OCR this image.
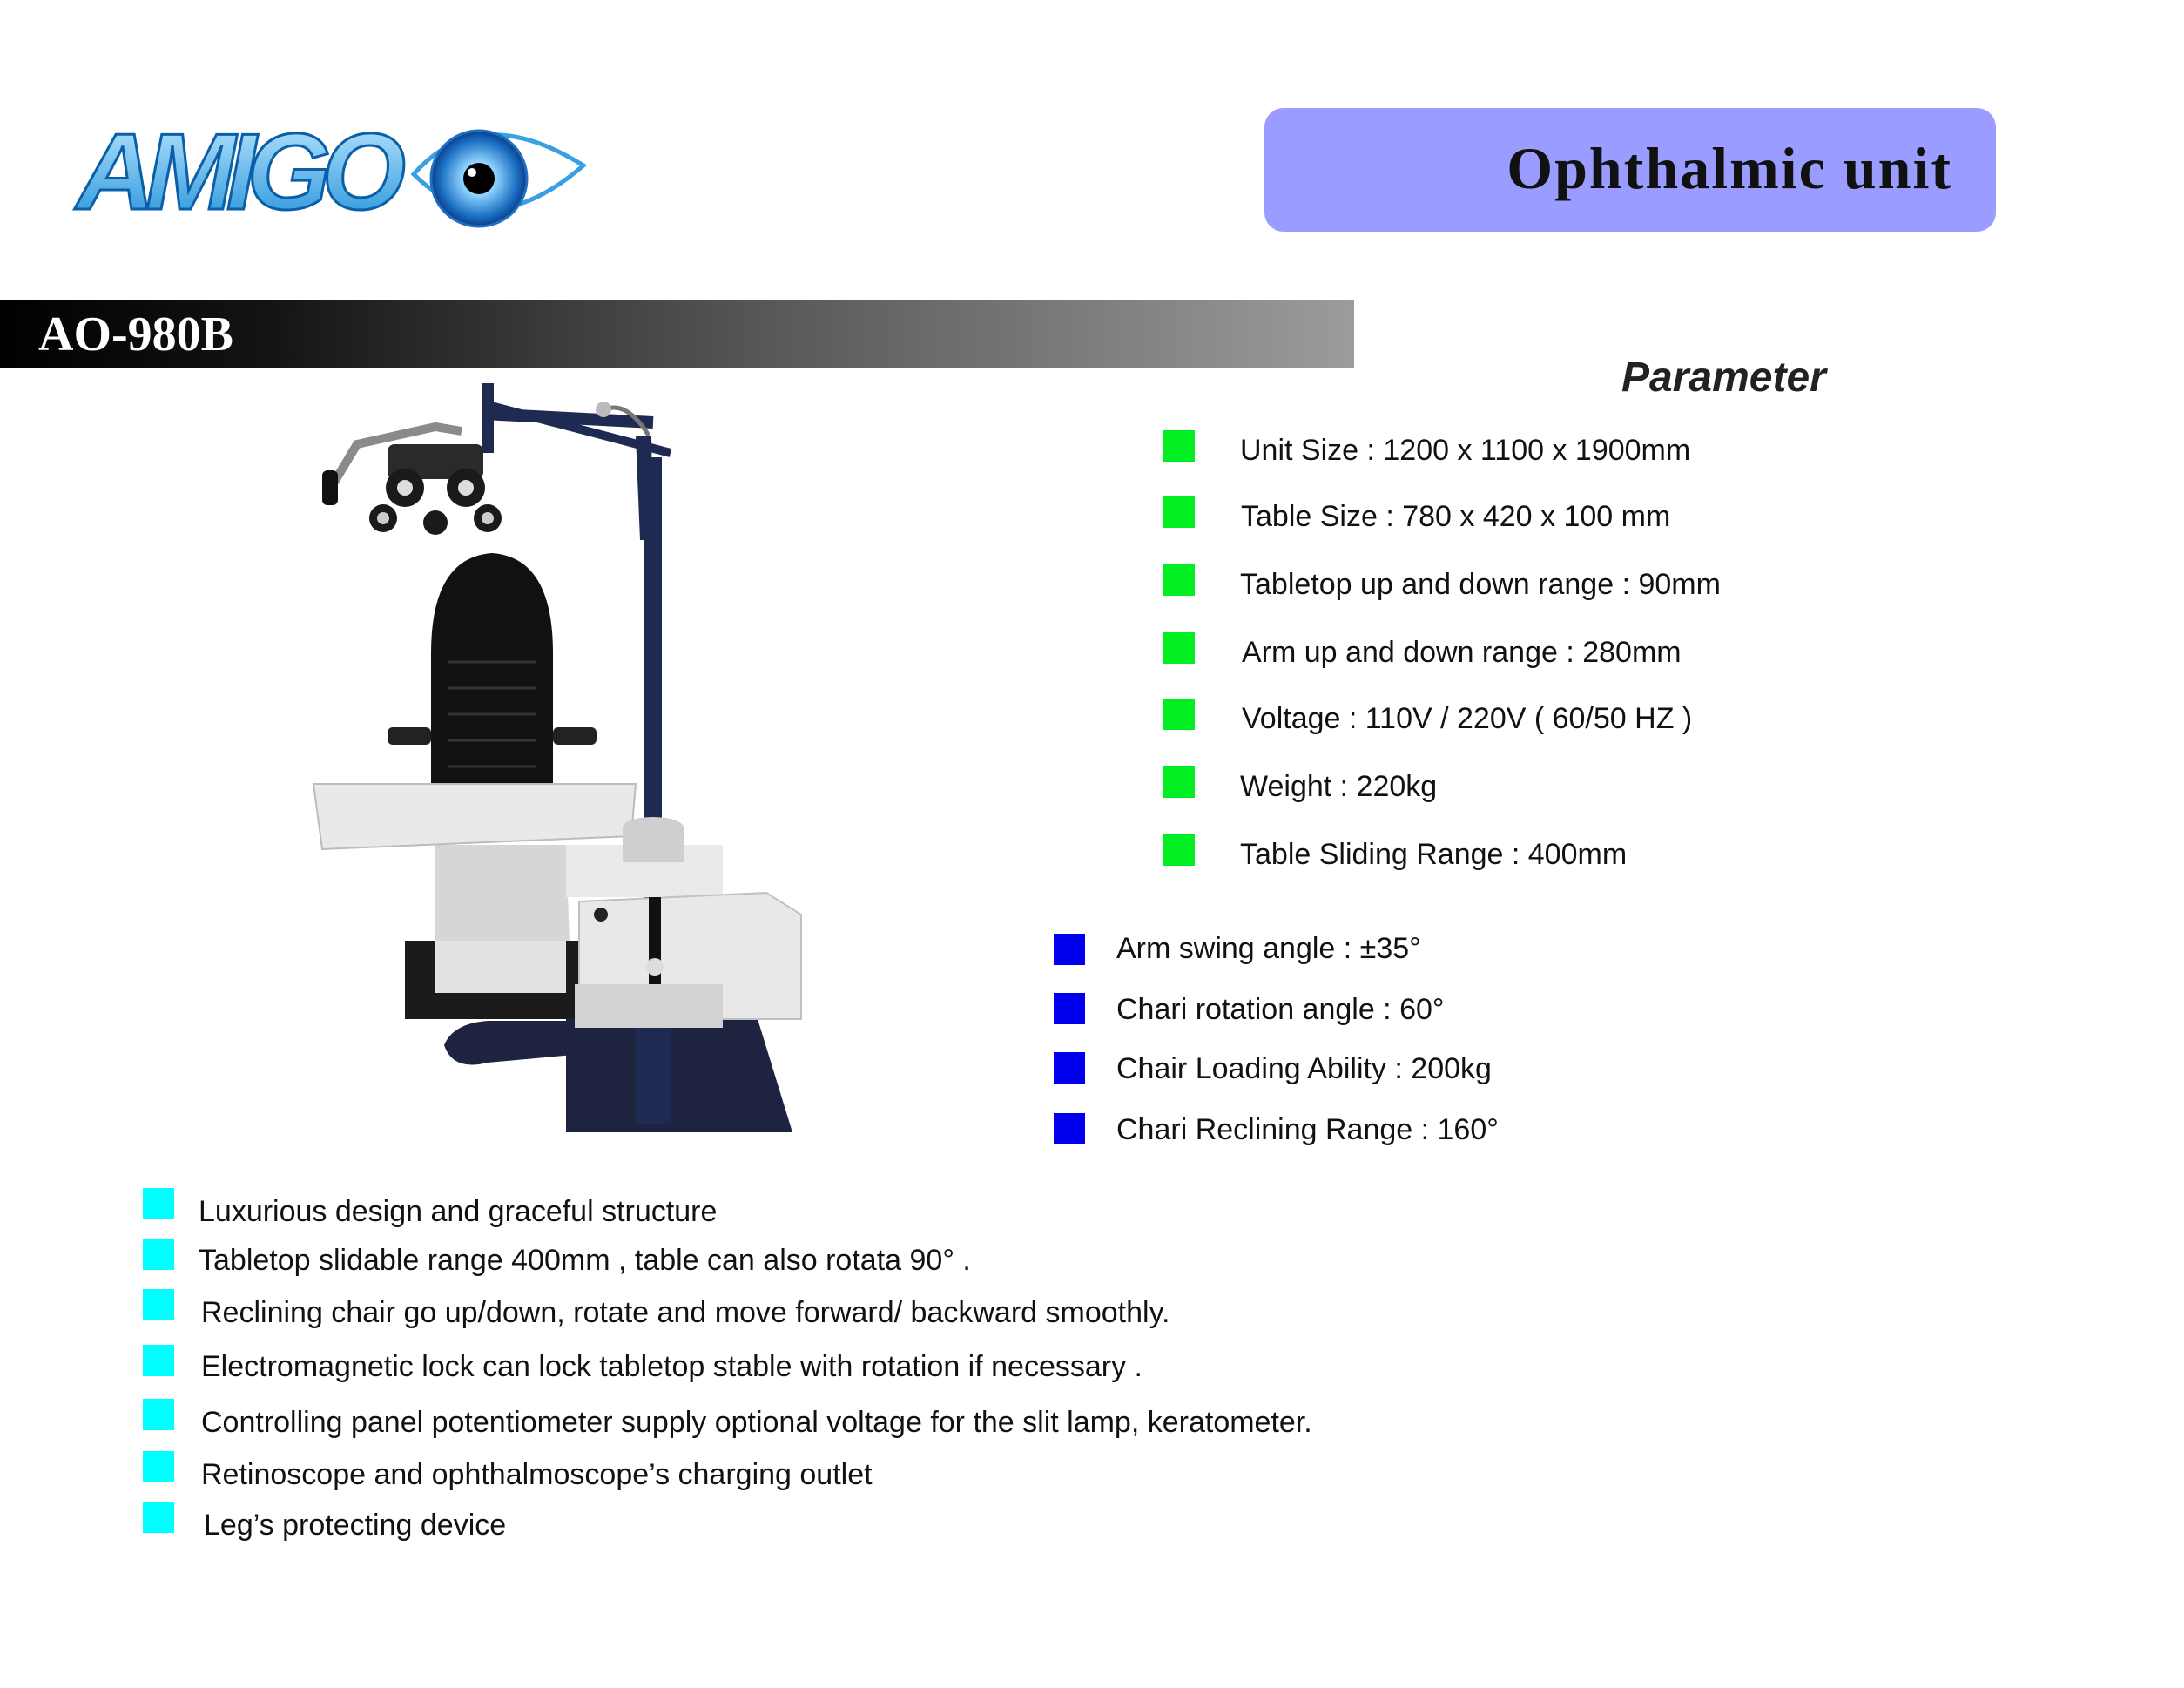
AMIGO	Ophthalmic unit
AO-980B
Parameter
Unit Size : 1200 x 1100 x 1900mm
Table Size : 780 x 420 x 100 mm
Tabletop up and down range : 90mm
Arm up and down range : 280mm
Voltage : 110V / 220V ( 60/50 HZ )
Weight : 220kg
Table Sliding Range : 400mm
Arm swing angle : ±35°
Chari rotation angle : 60°
Chair Loading Ability : 200kg
Chari Reclining Range : 160°
Luxurious design and graceful structure
Tabletop slidable range 400mm , table can also rotata 90° .
Reclining chair go up/down, rotate and move forward/ backward smoothly.
Electromagnetic lock can lock tabletop stable with rotation if necessary .
Controlling panel potentiometer supply optional voltage for the slit lamp, keratometer.
Retinoscope and ophthalmoscope’s charging outlet
Leg’s protecting device
